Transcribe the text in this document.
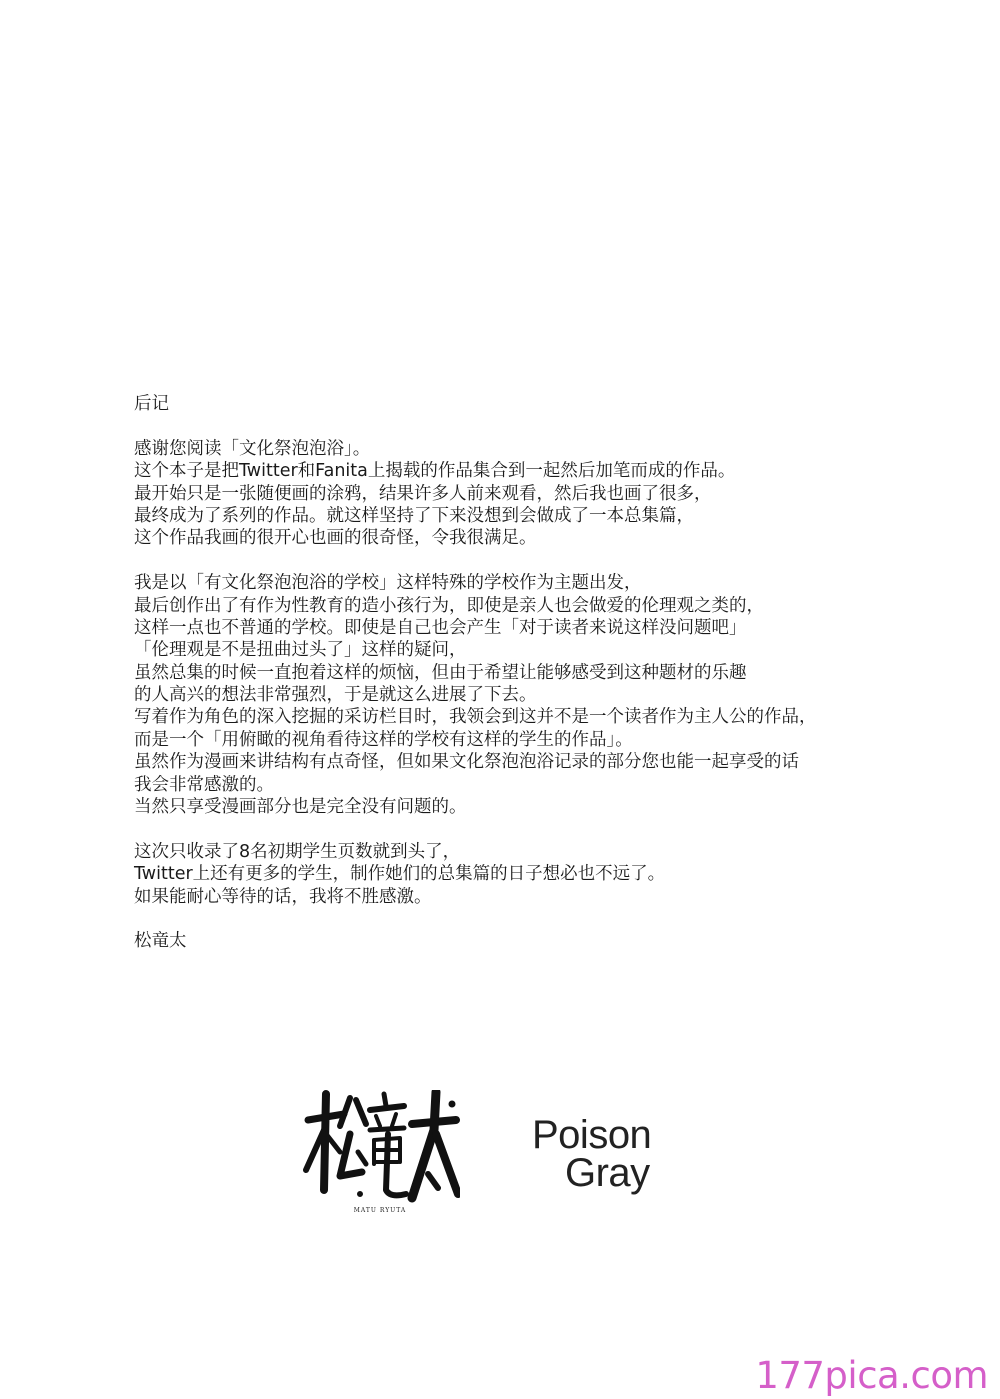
后记
感谢您阅读「文化祭泡泡浴」。
这个本子是把Twitter和Fanita上揭载的作品集合到一起然后加笔而成的作品。
最开始只是一张随便画的涂鸦，结果许多人前来观看，然后我也画了很多，
最终成为了系列的作品。就这样坚持了下来没想到会做成了一本总集篇，
这个作品我画的很开心也画的很奇怪，令我很满足。
我是以「有文化祭泡泡浴的学校」这样特殊的学校作为主题出发，
最后创作出了有作为性教育的造小孩行为，即使是亲人也会做爱的伦理观之类的，
这样一点也不普通的学校。即使是自己也会产生「对于读者来说这样没问题吧」
「伦理观是不是扭曲过头了」这样的疑问，
虽然总集的时候一直抱着这样的烦恼，但由于希望让能够感受到这种题材的乐趣
的人高兴的想法非常强烈，于是就这么进展了下去。
写着作为角色的深入挖掘的采访栏目时，我领会到这并不是一个读者作为主人公的作品，
而是一个「用俯瞰的视角看待这样的学校有这样的学生的作品」。
虽然作为漫画来讲结构有点奇怪，但如果文化祭泡泡浴记录的部分您也能一起享受的话
我会非常感激的。
当然只享受漫画部分也是完全没有问题的。
这次只收录了8名初期学生页数就到头了，
Twitter上还有更多的学生，制作她们的总集篇的日子想必也不远了。
如果能耐心等待的话，我将不胜感激。
松竜太
MATU RYUTA
Poison
Gray
177pica.com
